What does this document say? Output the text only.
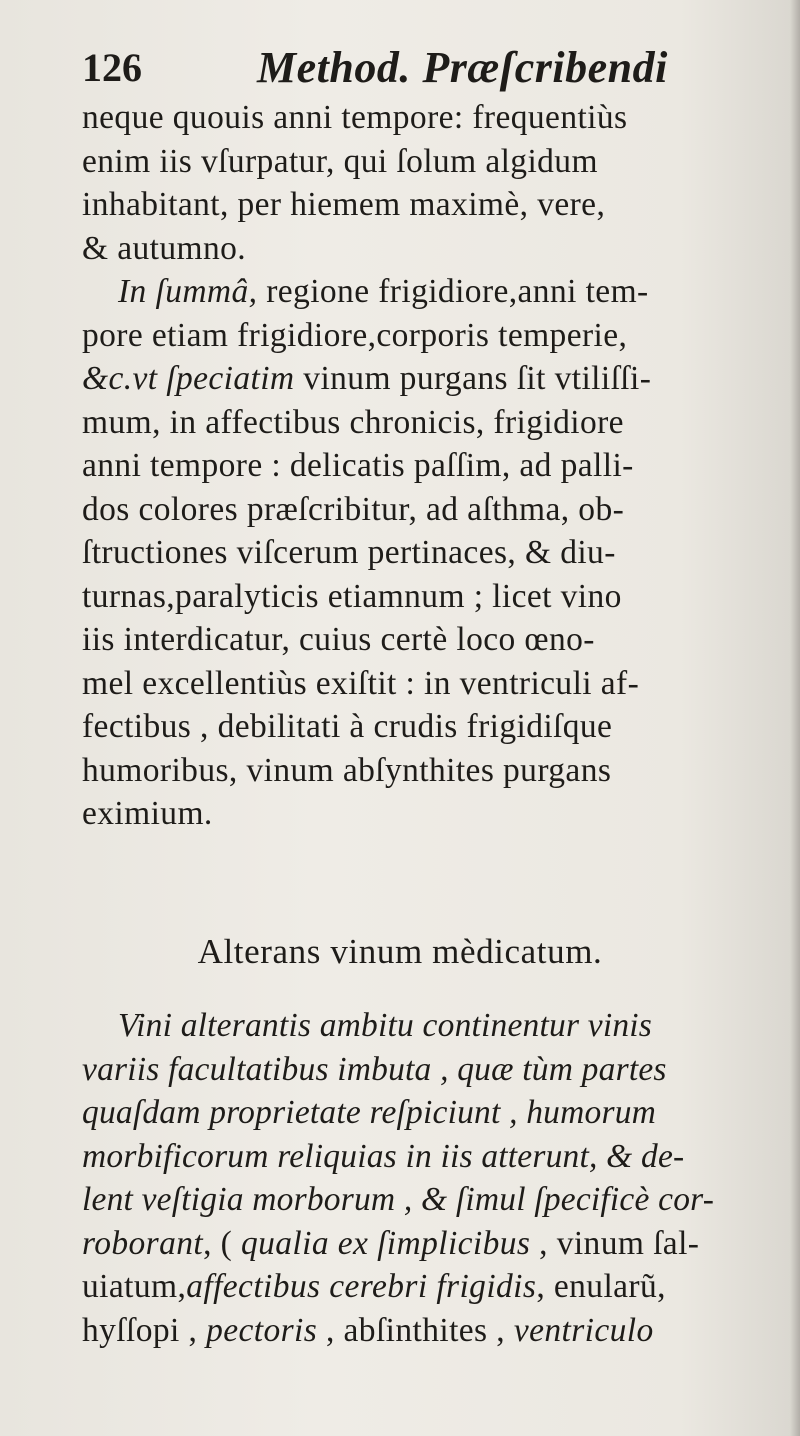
126	Method. Præſcribendi
neque quouis anni tempore: frequentiùs
enim iis vſurpatur, qui ſolum algidum
inhabitant, per hiemem maximè, vere,
& autumno.
In ſummâ, regione frigidiore,anni tem-
pore etiam frigidiore,corporis temperie,
&c.vt ſpeciatim vinum purgans ſit vtiliſſi-
mum, in affectibus chronicis, frigidiore
anni tempore : delicatis paſſim, ad palli-
dos colores præſcribitur, ad aſthma, ob-
ſtructiones viſcerum pertinaces, & diu-
turnas,paralyticis etiamnum ; licet vino
iis interdicatur, cuius certè loco œno-
mel excellentiùs exiſtit : in ventriculi af-
fectibus , debilitati à crudis frigidiſque
humoribus, vinum abſynthites purgans
eximium.
Alterans vinum mèdicatum.
Vini alterantis ambitu continentur vinis
variis facultatibus imbuta , quæ tùm partes
quaſdam proprietate reſpiciunt , humorum
morbificorum reliquias in iis atterunt, & de-
lent veſtigia morborum , & ſimul ſpecificè cor-
roborant, ( qualia ex ſimplicibus , vinum ſal-
uiatum,affectibus cerebri frigidis, enularũ,
hyſſopi , pectoris , abſinthites , ventriculo
